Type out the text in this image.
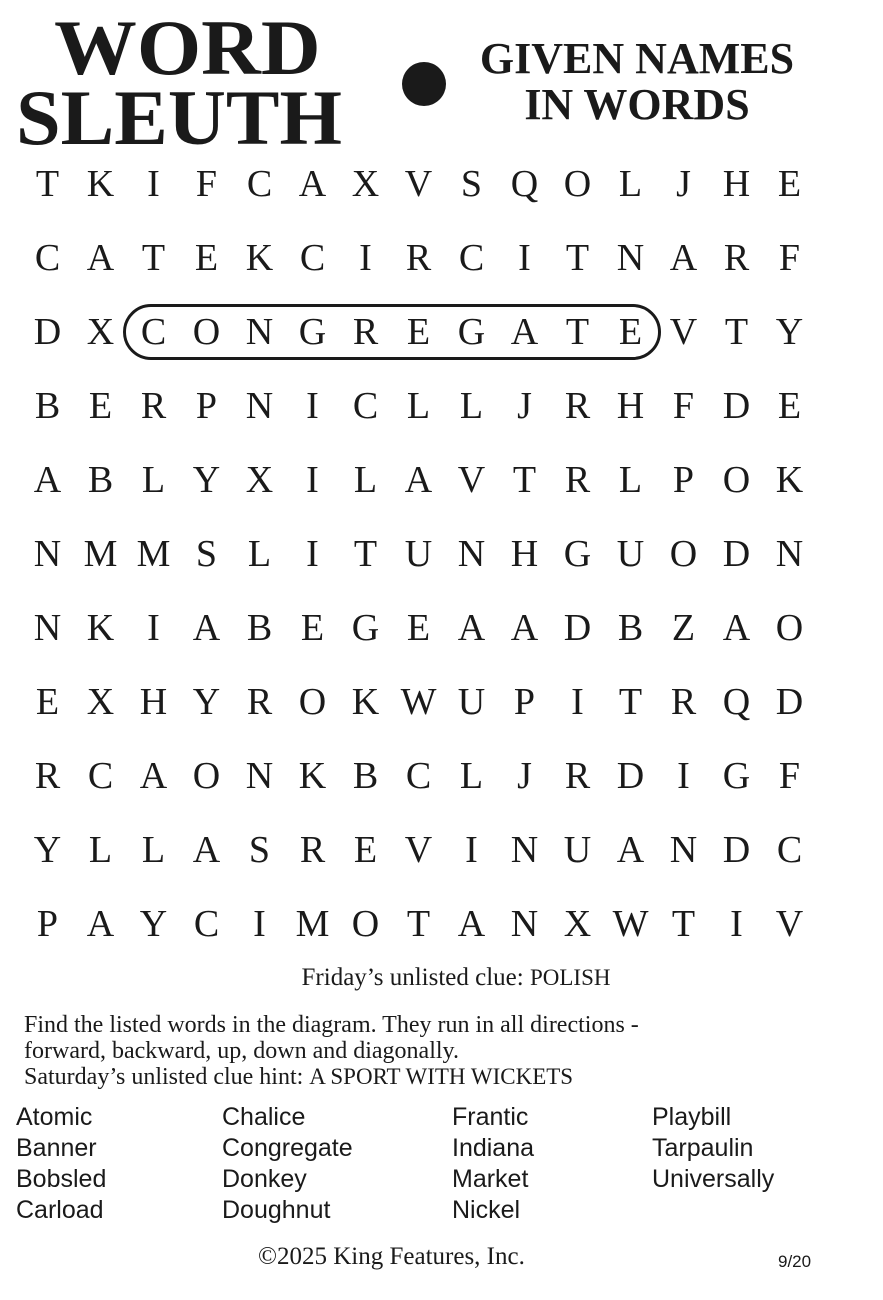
WORD
SLEUTH
GIVEN NAMES
IN WORDS
T K I F C A X V S Q O L J H E
C A T E K C I R C I T N A R F
D X C O N G R E G A T E V T Y
B E R P N I C L L J R H F D E
A B L Y X I L A V T R L P O K
N M M S L I T U N H G U O D N
N K I A B E G E A A D B Z A O
E X H Y R O K W U P I T R Q D
R C A O N K B C L J R D I G F
Y L L A S R E V I N U A N D C
P A Y C I M O T A N X W T I V
Friday’s unlisted clue: POLISH
Find the listed words in the diagram. They run in all directions -
forward, backward, up, down and diagonally.
Saturday’s unlisted clue hint: A SPORT WITH WICKETS
Atomic
Banner
Bobsled
Carload
Chalice
Congregate
Donkey
Doughnut
Frantic
Indiana
Market
Nickel
Playbill
Tarpaulin
Universally
©2025 King Features, Inc.	9/20
